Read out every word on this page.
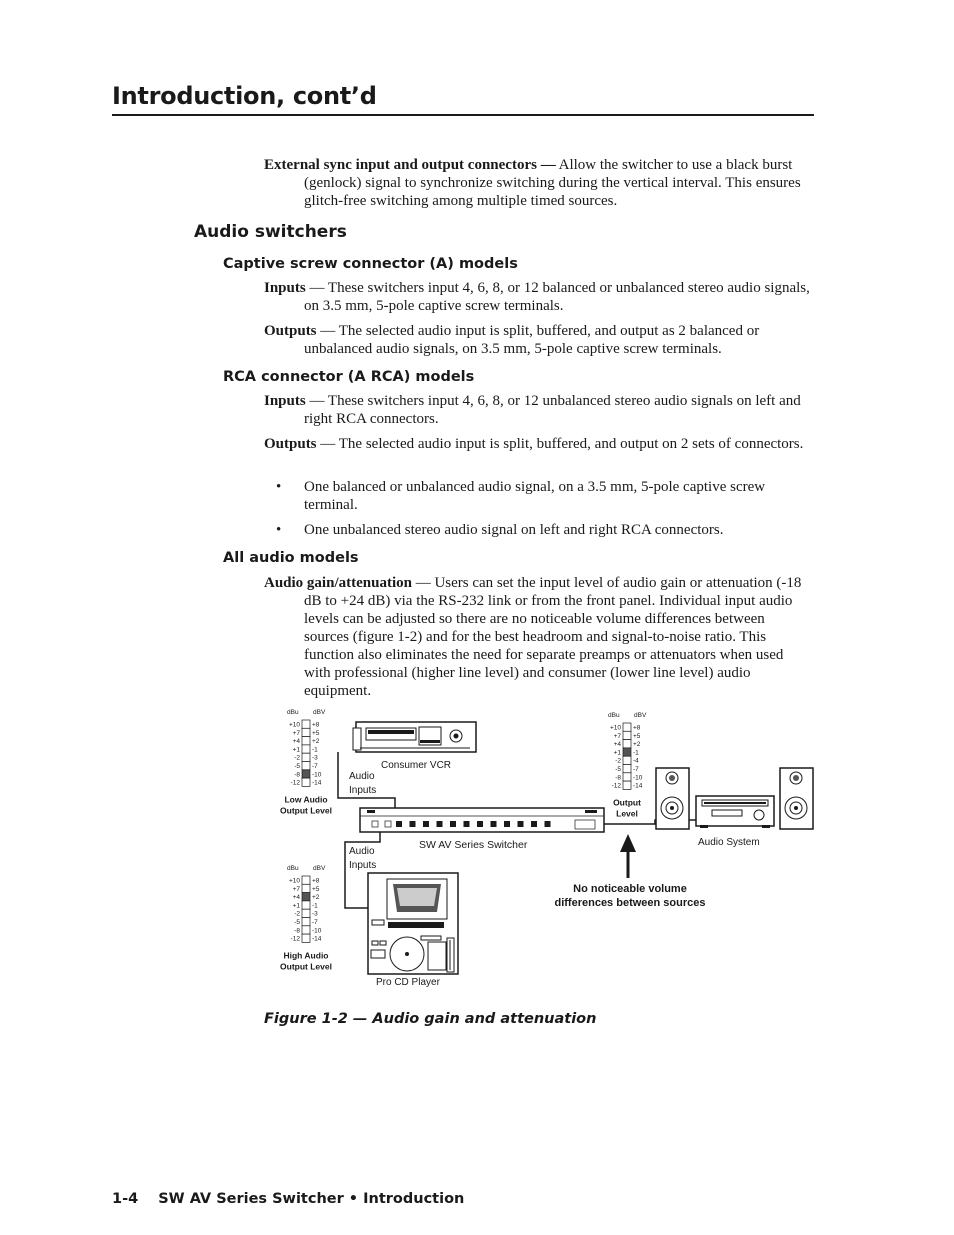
Introduction, cont’d
External sync input and output connectors — Allow the switcher to use a black burst (genlock) signal to synchronize switching during the vertical interval. This ensures glitch-free switching among multiple timed sources.
Audio switchers
Captive screw connector (A) models
Inputs — These switchers input 4, 6, 8, or 12 balanced or unbalanced stereo audio signals, on 3.5 mm, 5-pole captive screw terminals.
Outputs — The selected audio input is split, buffered, and output as 2 balanced or unbalanced audio signals, on 3.5 mm, 5-pole captive screw terminals.
RCA connector (A RCA) models
Inputs — These switchers input 4, 6, 8, or 12 unbalanced stereo audio signals on left and right RCA connectors.
Outputs — The selected audio input is split, buffered, and output on 2 sets of connectors.
•	One balanced or unbalanced audio signal, on a 3.5 mm, 5-pole captive screw terminal.
•	One unbalanced stereo audio signal on left and right RCA connectors.
All audio models
Audio gain/attenuation — Users can set the input level of audio gain or attenuation (-18 dB to +24 dB) via the RS-232 link or from the front panel. Individual input audio levels can be adjusted so there are no noticeable volume differences between sources (figure 1-2) and for the best headroom and signal-to-noise ratio. This function also eliminates the need for separate preamps or attenuators when used with professional (higher line level) and consumer (lower line level) audio equipment.
dBu dBV
+10 +8
+7 +5
+4 +2
+1 -1
-2 -3
-5 -7
-8 -10
-12 -14
Low Audio
Output Level
dBu dBV
+10 +8
+7 +5
+4 +2
+1 -1
-2 -3
-5 -7
-8 -10
-12 -14
High Audio
Output Level
dBu dBV
+10 +8
+7 +5
+4 +2
+1 -1
-2 -4
-5 -7
-8 -10
-12 -14
Output
Level
Consumer VCR
Audio
Inputs
SW AV Series Switcher
Audio
Inputs
Pro CD Player
Audio System
No noticeable volume
differences between sources
Figure 1-2 — Audio gain and attenuation
1-4 SW AV Series Switcher • Introduction
